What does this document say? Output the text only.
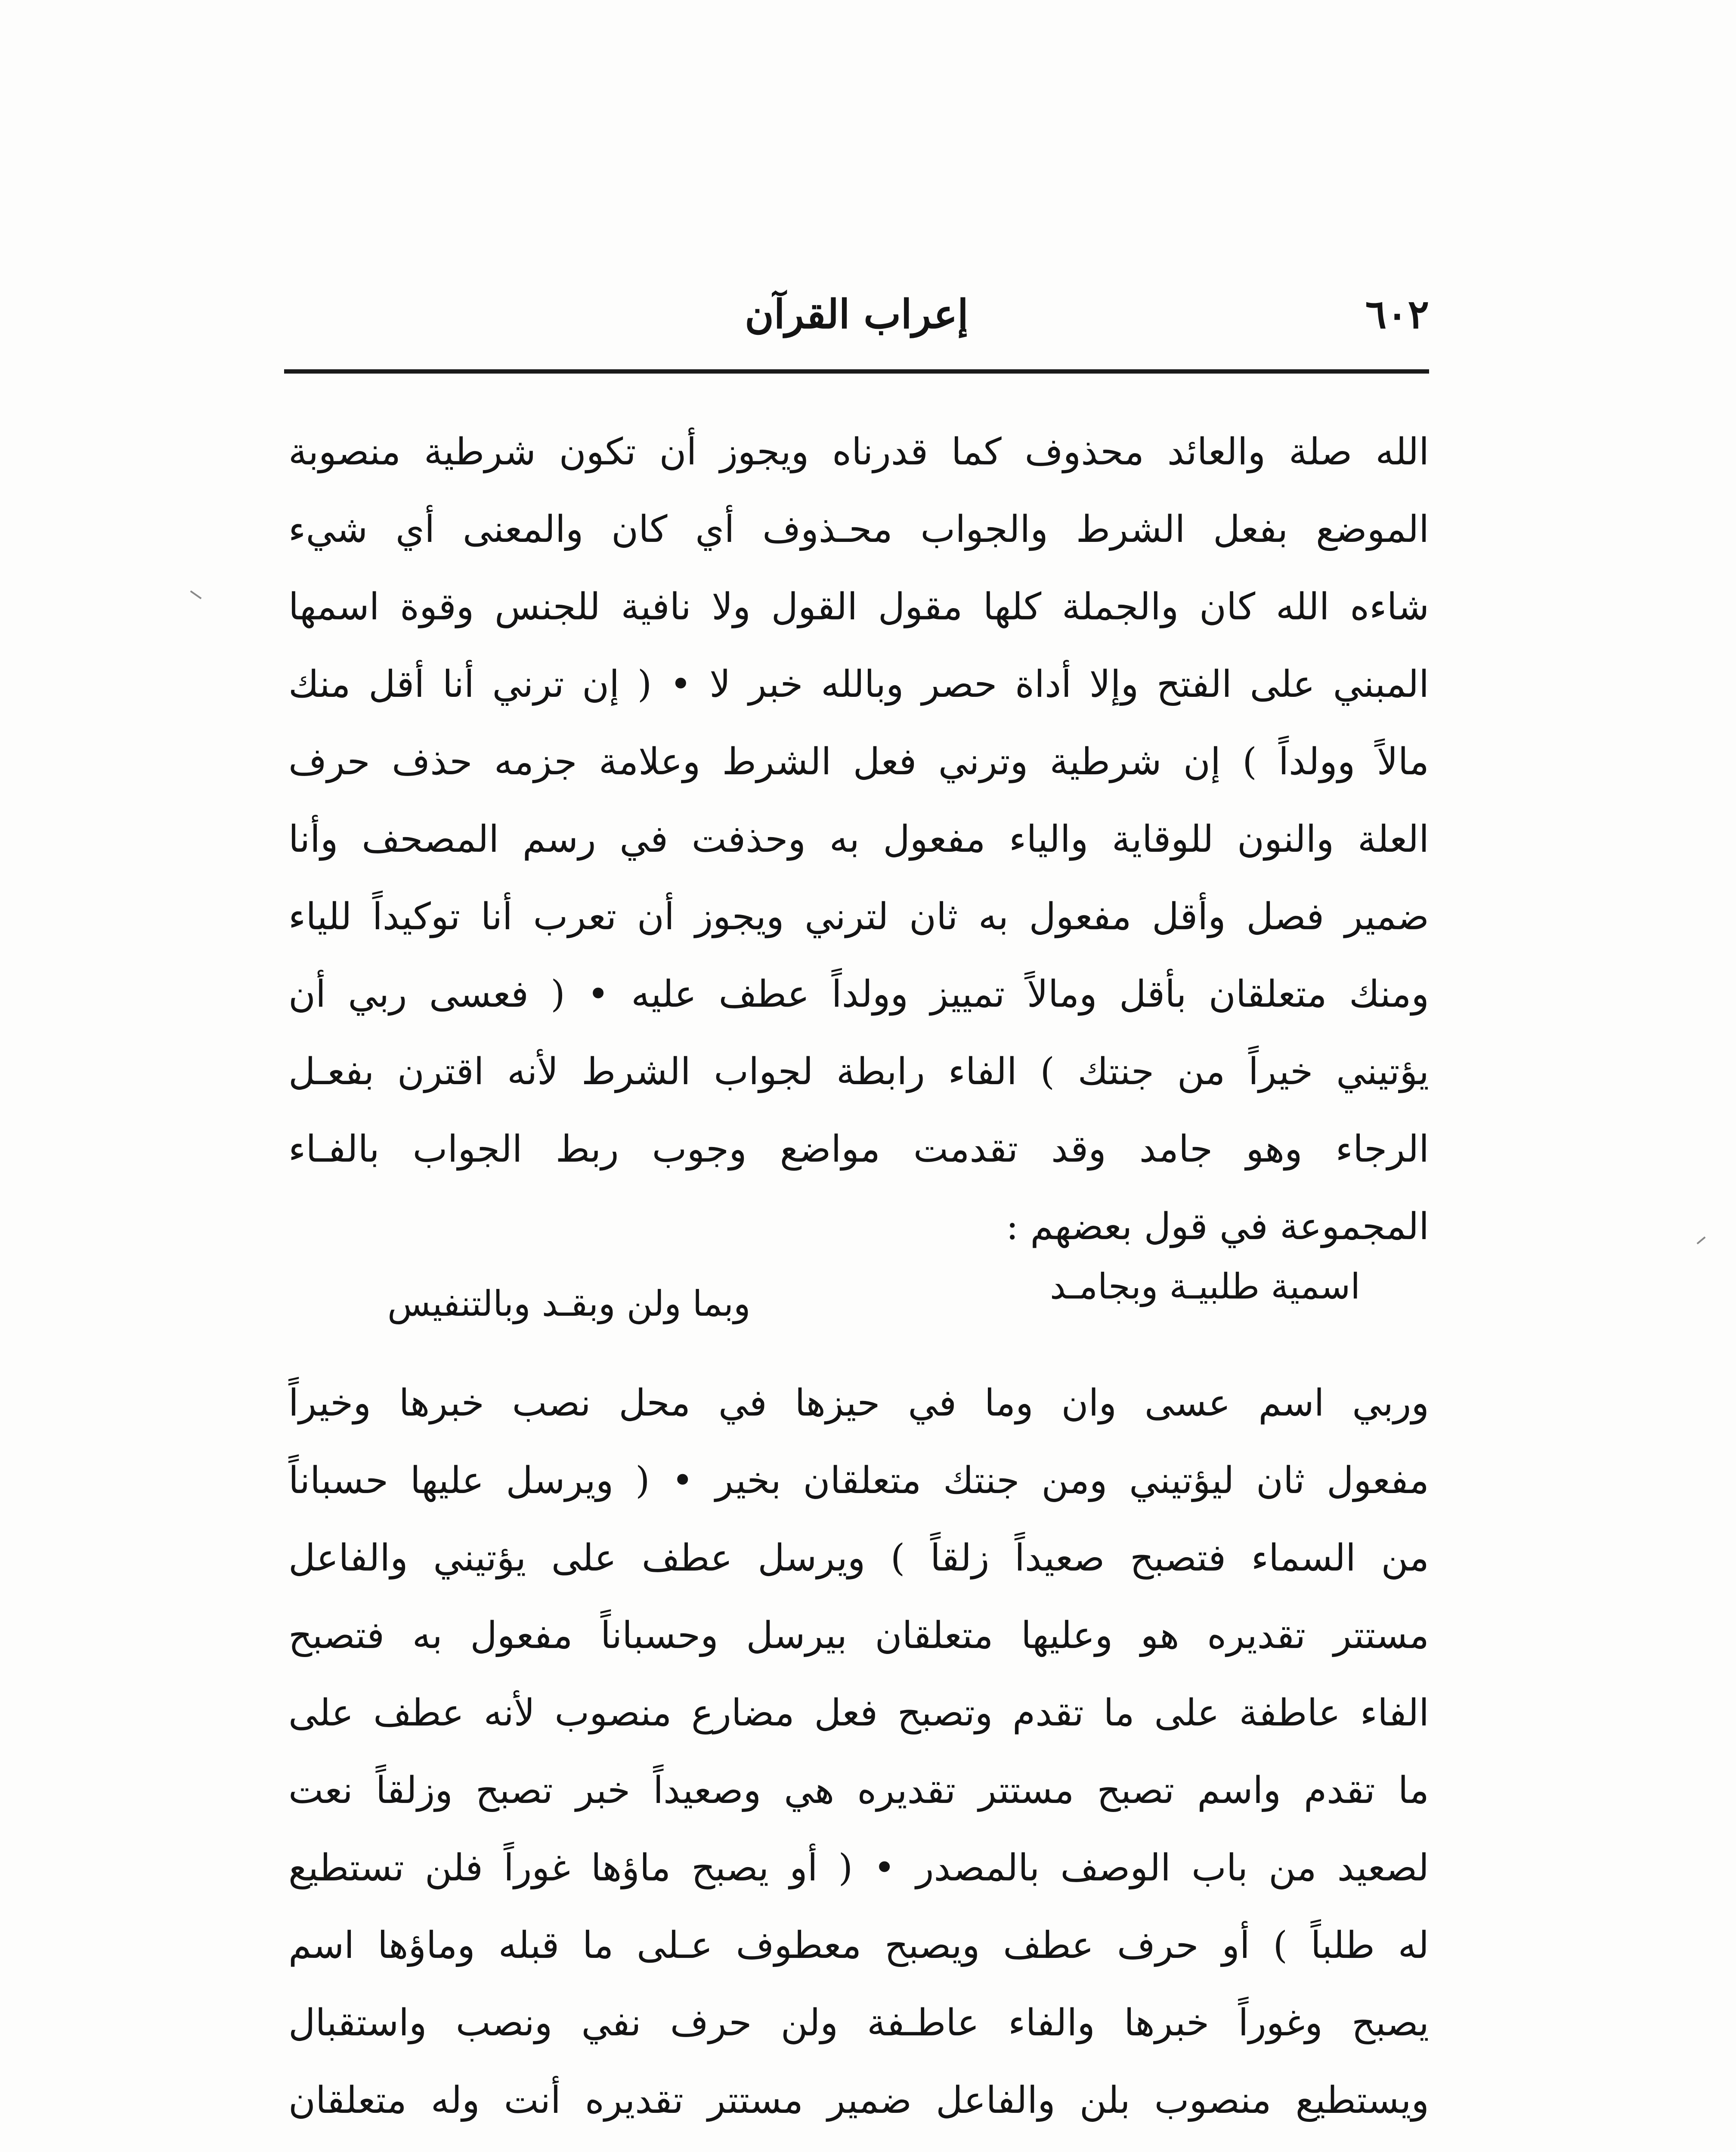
٦٠٢
إعراب القرآن
الله صلة والعائد محذوف كما قدرناه ويجوز أن تكون شرطية منصوبة
الموضع بفعل الشرط والجواب محـذوف أي كان والمعنى أي شيء
شاءه الله كان والجملة كلها مقول القول ولا نافية للجنس وقوة اسمها
المبني على الفتح وإلا أداة حصر وبالله خبر لا • ( إن ترني أنا أقل منك
مالاً وولداً ) إن شرطية وترني فعل الشرط وعلامة جزمه حذف حرف
العلة والنون للوقاية والياء مفعول به وحذفت في رسم المصحف وأنا
ضمير فصل وأقل مفعول به ثان لترني ويجوز أن تعرب أنا توكيداً للياء
ومنك متعلقان بأقل ومالاً تمييز وولداً عطف عليه • ( فعسى ربي أن
يؤتيني خيراً من جنتك ) الفاء رابطة لجواب الشرط لأنه اقترن بفعـل
الرجاء وهو جامد وقد تقدمت مواضع وجوب ربط الجواب بالفـاء
المجموعة في قول بعضهم :
اسمية طلبيـة وبجامـد
وبما ولن وبقـد وبالتنفيس
وربي اسم عسى وان وما في حيزها في محل نصب خبرها وخيراً
مفعول ثان ليؤتيني ومن جنتك متعلقان بخير • ( ويرسل عليها حسباناً
من السماء فتصبح صعيداً زلقاً ) ويرسل عطف على يؤتيني والفاعل
مستتر تقديره هو وعليها متعلقان بيرسل وحسباناً مفعول به فتصبح
الفاء عاطفة على ما تقدم وتصبح فعل مضارع منصوب لأنه عطف على
ما تقدم واسم تصبح مستتر تقديره هي وصعيداً خبر تصبح وزلقاً نعت
لصعيد من باب الوصف بالمصدر • ( أو يصبح ماؤها غوراً فلن تستطيع
له طلباً ) أو حرف عطف ويصبح معطوف عـلى ما قبله وماؤها اسم
يصبح وغوراً خبرها والفاء عاطـفة ولن حرف نفي ونصب واستقبال
ويستطيع منصوب بلن والفاعل ضمير مستتر تقديره أنت وله متعلقان
